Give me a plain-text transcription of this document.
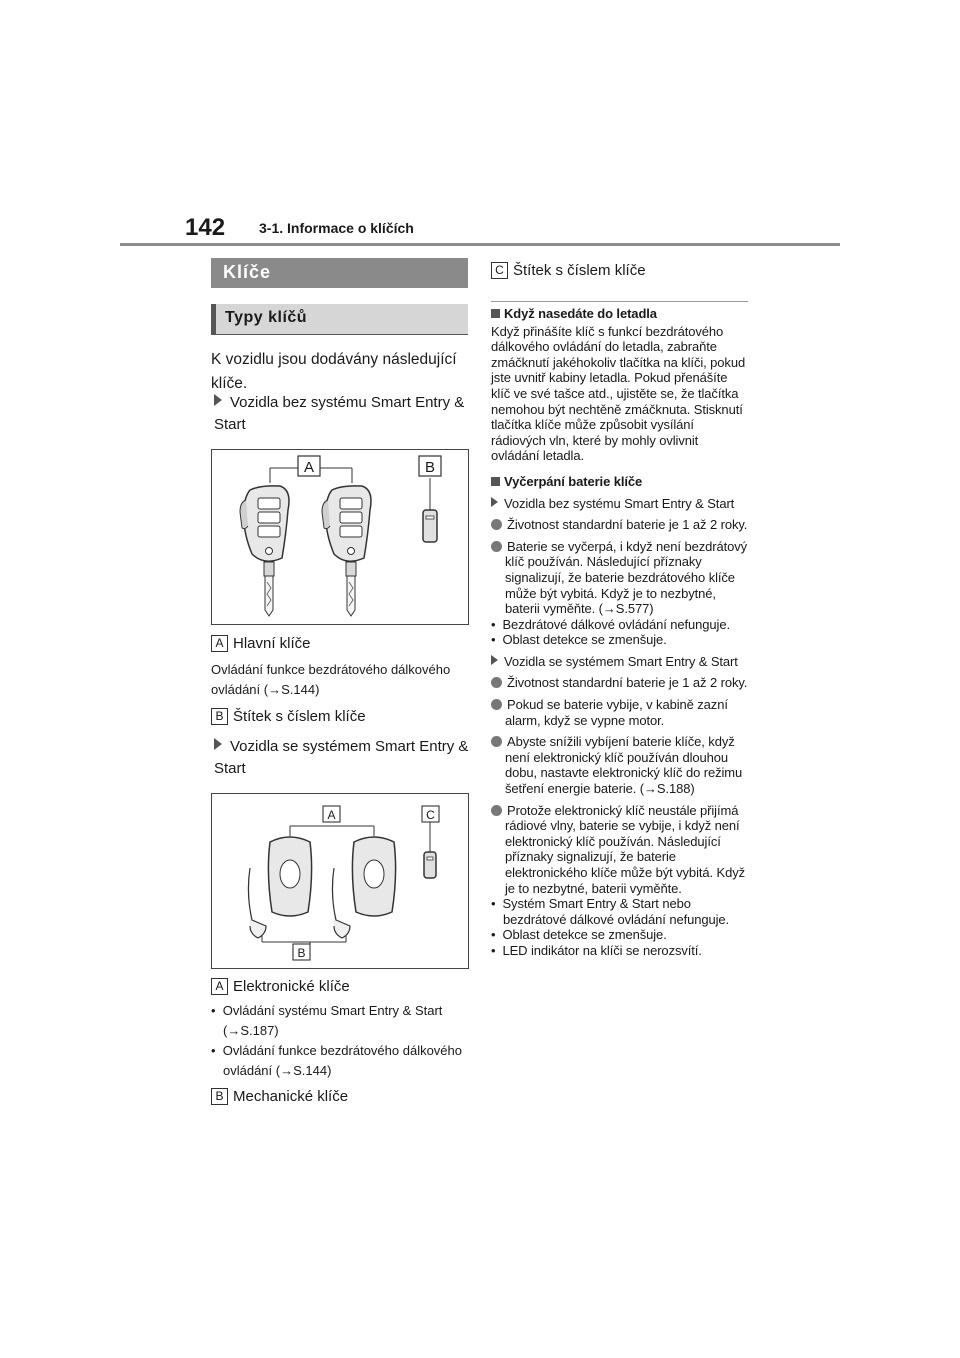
142 3-1. Informace o klíčích
Klíče
Typy klíčů
K vozidlu jsou dodávány následující klíče.
Vozidla bez systému Smart Entry & Start
A	B
A Hlavní klíče
Ovládání funkce bezdrátového dálkového ovládání (→S.144)
B Štítek s číslem klíče
Vozidla se systémem Smart Entry & Start
A	C
B
A Elektronické klíče
•  Ovládání systému Smart Entry & Start (→S.187)
•  Ovládání funkce bezdrátového dálkového ovládání (→S.144)
B Mechanické klíče
C Štítek s číslem klíče
Když nasedáte do letadla
Když přinášíte klíč s funkcí bezdrátového dálkového ovládání do letadla, zabraňte zmáčknutí jakéhokoliv tlačítka na klíči, pokud jste uvnitř kabiny letadla. Pokud přenášíte klíč ve své tašce atd., ujistěte se, že tlačítka nemohou být nechtěně zmáčknuta. Stisknutí tlačítka klíče může způsobit vysílání rádiových vln, které by mohly ovlivnit ovládání letadla.
Vyčerpání baterie klíče
Vozidla bez systému Smart Entry & Start
Životnost standardní baterie je 1 až 2 roky.
Baterie se vyčerpá, i když není bezdrátový klíč používán. Následující příznaky signalizují, že baterie bezdrátového klíče může být vybitá. Když je to nezbytné, baterii vyměňte. (→S.577)
•  Bezdrátové dálkové ovládání nefunguje.
•  Oblast detekce se zmenšuje.
Vozidla se systémem Smart Entry & Start
Životnost standardní baterie je 1 až 2 roky.
Pokud se baterie vybije, v kabině zazní alarm, když se vypne motor.
Abyste snížili vybíjení baterie klíče, když není elektronický klíč používán dlouhou dobu, nastavte elektronický klíč do režimu šetření energie baterie. (→S.188)
Protože elektronický klíč neustále přijímá rádiové vlny, baterie se vybije, i když není elektronický klíč používán. Následující příznaky signalizují, že baterie elektronického klíče může být vybitá. Když je to nezbytné, baterii vyměňte.
•  Systém Smart Entry & Start nebo bezdrátové dálkové ovládání nefunguje.
•  Oblast detekce se zmenšuje.
•  LED indikátor na klíči se nerozsvítí.
